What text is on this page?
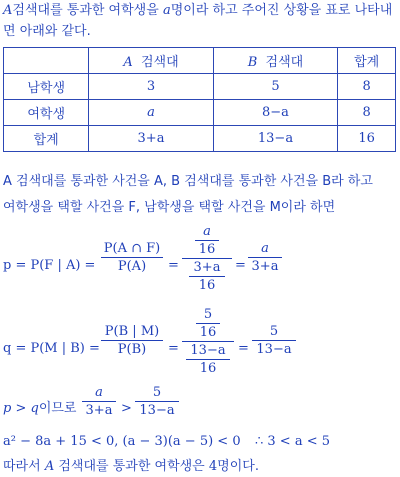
A검색대를 통과한 여학생을 a명이라 하고 주어진 상황을 표로 나타내
면 아래와 같다.
	A 검색대	B 검색대	합계
남학생	3	5	8
여학생	a	8−a	8
합계	3+a	13−a	16
A 검색대를 통과한 사건을 A, B 검색대를 통과한 사건을 B라 하고
여학생을 택할 사건을 F, 남학생을 택할 사건을 M이라 하면
p = P(F | A) =
P(A ∩ F)
P(A)	=
a
16
3+a
16
=
a
3+a
q = P(M | B) =
P(B | M)
P(B)	=
5
16
13−a
16
=
5
13−a
p > q이므로
a
3+a >
5
13−a
a² − 8a + 15 < 0, (a − 3)(a − 5) < 0 ∴ 3 < a < 5
따라서 A 검색대를 통과한 여학생은 4명이다.
